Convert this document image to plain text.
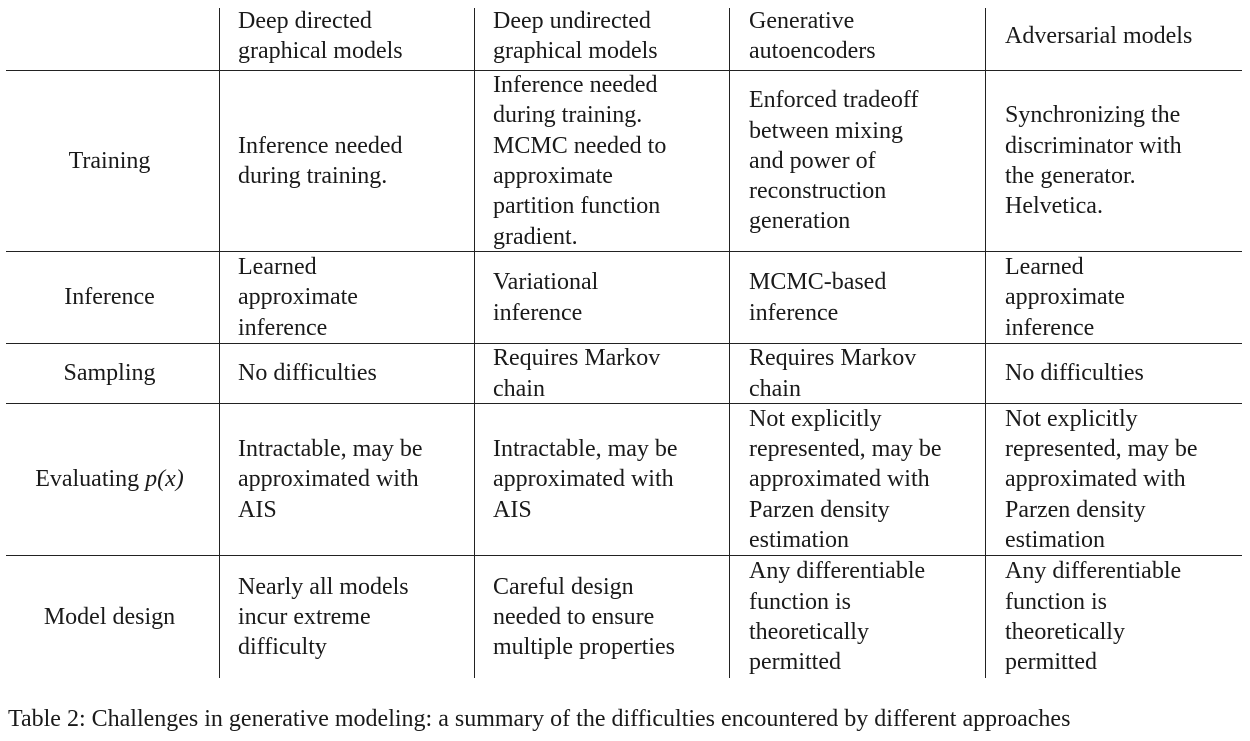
Deep directed
graphical models
Deep undirected
graphical models
Generative
autoencoders
Adversarial models
Training
Inference needed
during training.
Inference needed
during training.
MCMC needed to
approximate
partition function
gradient.
Enforced tradeoff
between mixing
and power of
reconstruction
generation
Synchronizing the
discriminator with
the generator.
Helvetica.
Inference
Learned
approximate
inference
Variational
inference
MCMC-based
inference
Learned
approximate
inference
Sampling	No difficulties
Requires Markov
chain
Requires Markov
chain
No difficulties
Evaluating p(x)
Intractable, may be
approximated with
AIS
Intractable, may be
approximated with
AIS
Not explicitly
represented, may be
approximated with
Parzen density
estimation
Not explicitly
represented, may be
approximated with
Parzen density
estimation
Model design
Nearly all models
incur extreme
difficulty
Careful design
needed to ensure
multiple properties
Any differentiable
function is
theoretically
permitted
Any differentiable
function is
theoretically
permitted
Table 2: Challenges in generative modeling: a summary of the difficulties encountered by different approaches
